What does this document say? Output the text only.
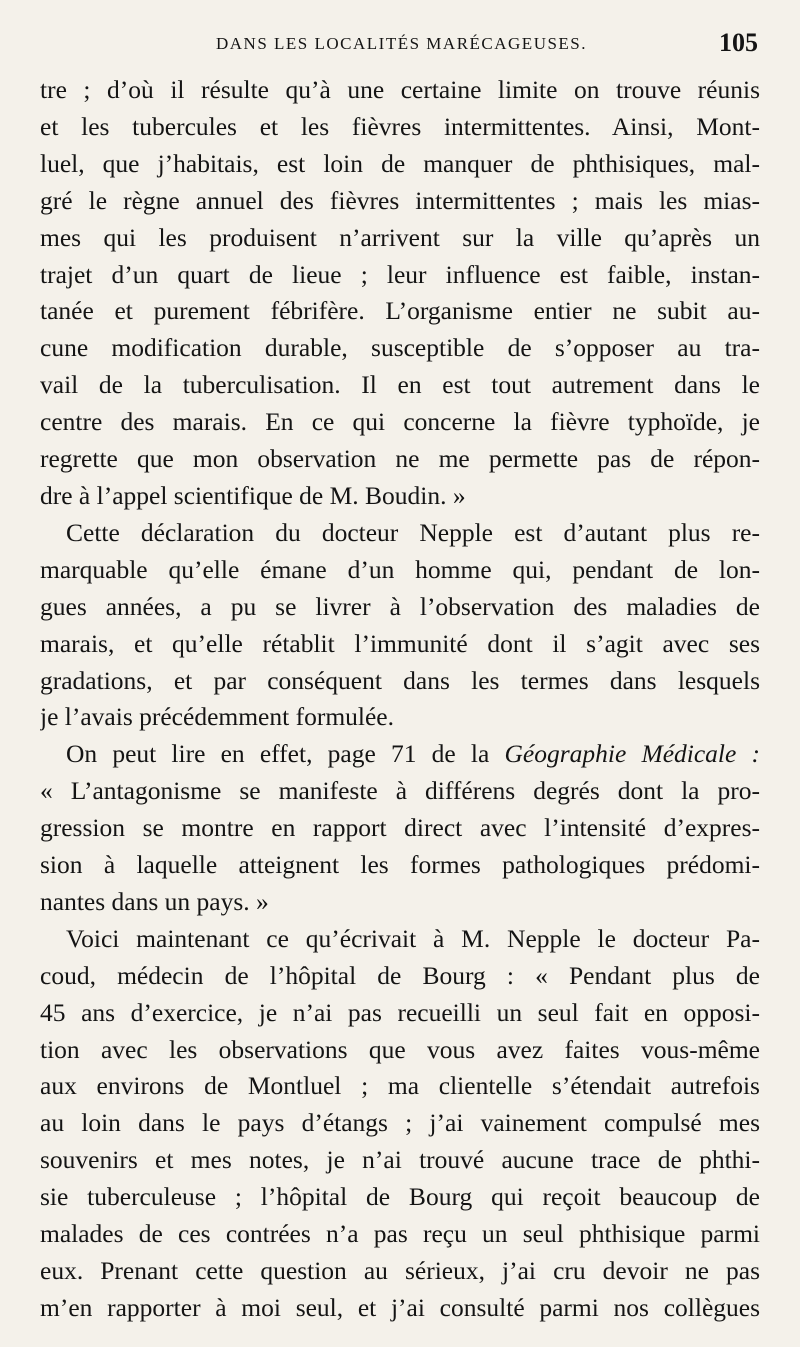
DANS LES LOCALITÉS MARÉCAGEUSES.	105
tre ; d’où il résulte qu’à une certaine limite on trouve réunis
et les tubercules et les fièvres intermittentes. Ainsi, Mont-
luel, que j’habitais, est loin de manquer de phthisiques, mal-
gré le règne annuel des fièvres intermittentes ; mais les mias-
mes qui les produisent n’arrivent sur la ville qu’après un
trajet d’un quart de lieue ; leur influence est faible, instan-
tanée et purement fébrifère. L’organisme entier ne subit au-
cune modification durable, susceptible de s’opposer au tra-
vail de la tuberculisation. Il en est tout autrement dans le
centre des marais. En ce qui concerne la fièvre typhoïde, je
regrette que mon observation ne me permette pas de répon-
dre à l’appel scientifique de M. Boudin. »
Cette déclaration du docteur Nepple est d’autant plus re-
marquable qu’elle émane d’un homme qui, pendant de lon-
gues années, a pu se livrer à l’observation des maladies de
marais, et qu’elle rétablit l’immunité dont il s’agit avec ses
gradations, et par conséquent dans les termes dans lesquels
je l’avais précédemment formulée.
On peut lire en effet, page 71 de la Géographie Médicale :
« L’antagonisme se manifeste à différens degrés dont la pro-
gression se montre en rapport direct avec l’intensité d’expres-
sion à laquelle atteignent les formes pathologiques prédomi-
nantes dans un pays. »
Voici maintenant ce qu’écrivait à M. Nepple le docteur Pa-
coud, médecin de l’hôpital de Bourg : « Pendant plus de
45 ans d’exercice, je n’ai pas recueilli un seul fait en opposi-
tion avec les observations que vous avez faites vous-même
aux environs de Montluel ; ma clientelle s’étendait autrefois
au loin dans le pays d’étangs ; j’ai vainement compulsé mes
souvenirs et mes notes, je n’ai trouvé aucune trace de phthi-
sie tuberculeuse ; l’hôpital de Bourg qui reçoit beaucoup de
malades de ces contrées n’a pas reçu un seul phthisique parmi
eux. Prenant cette question au sérieux, j’ai cru devoir ne pas
m’en rapporter à moi seul, et j’ai consulté parmi nos collègues
